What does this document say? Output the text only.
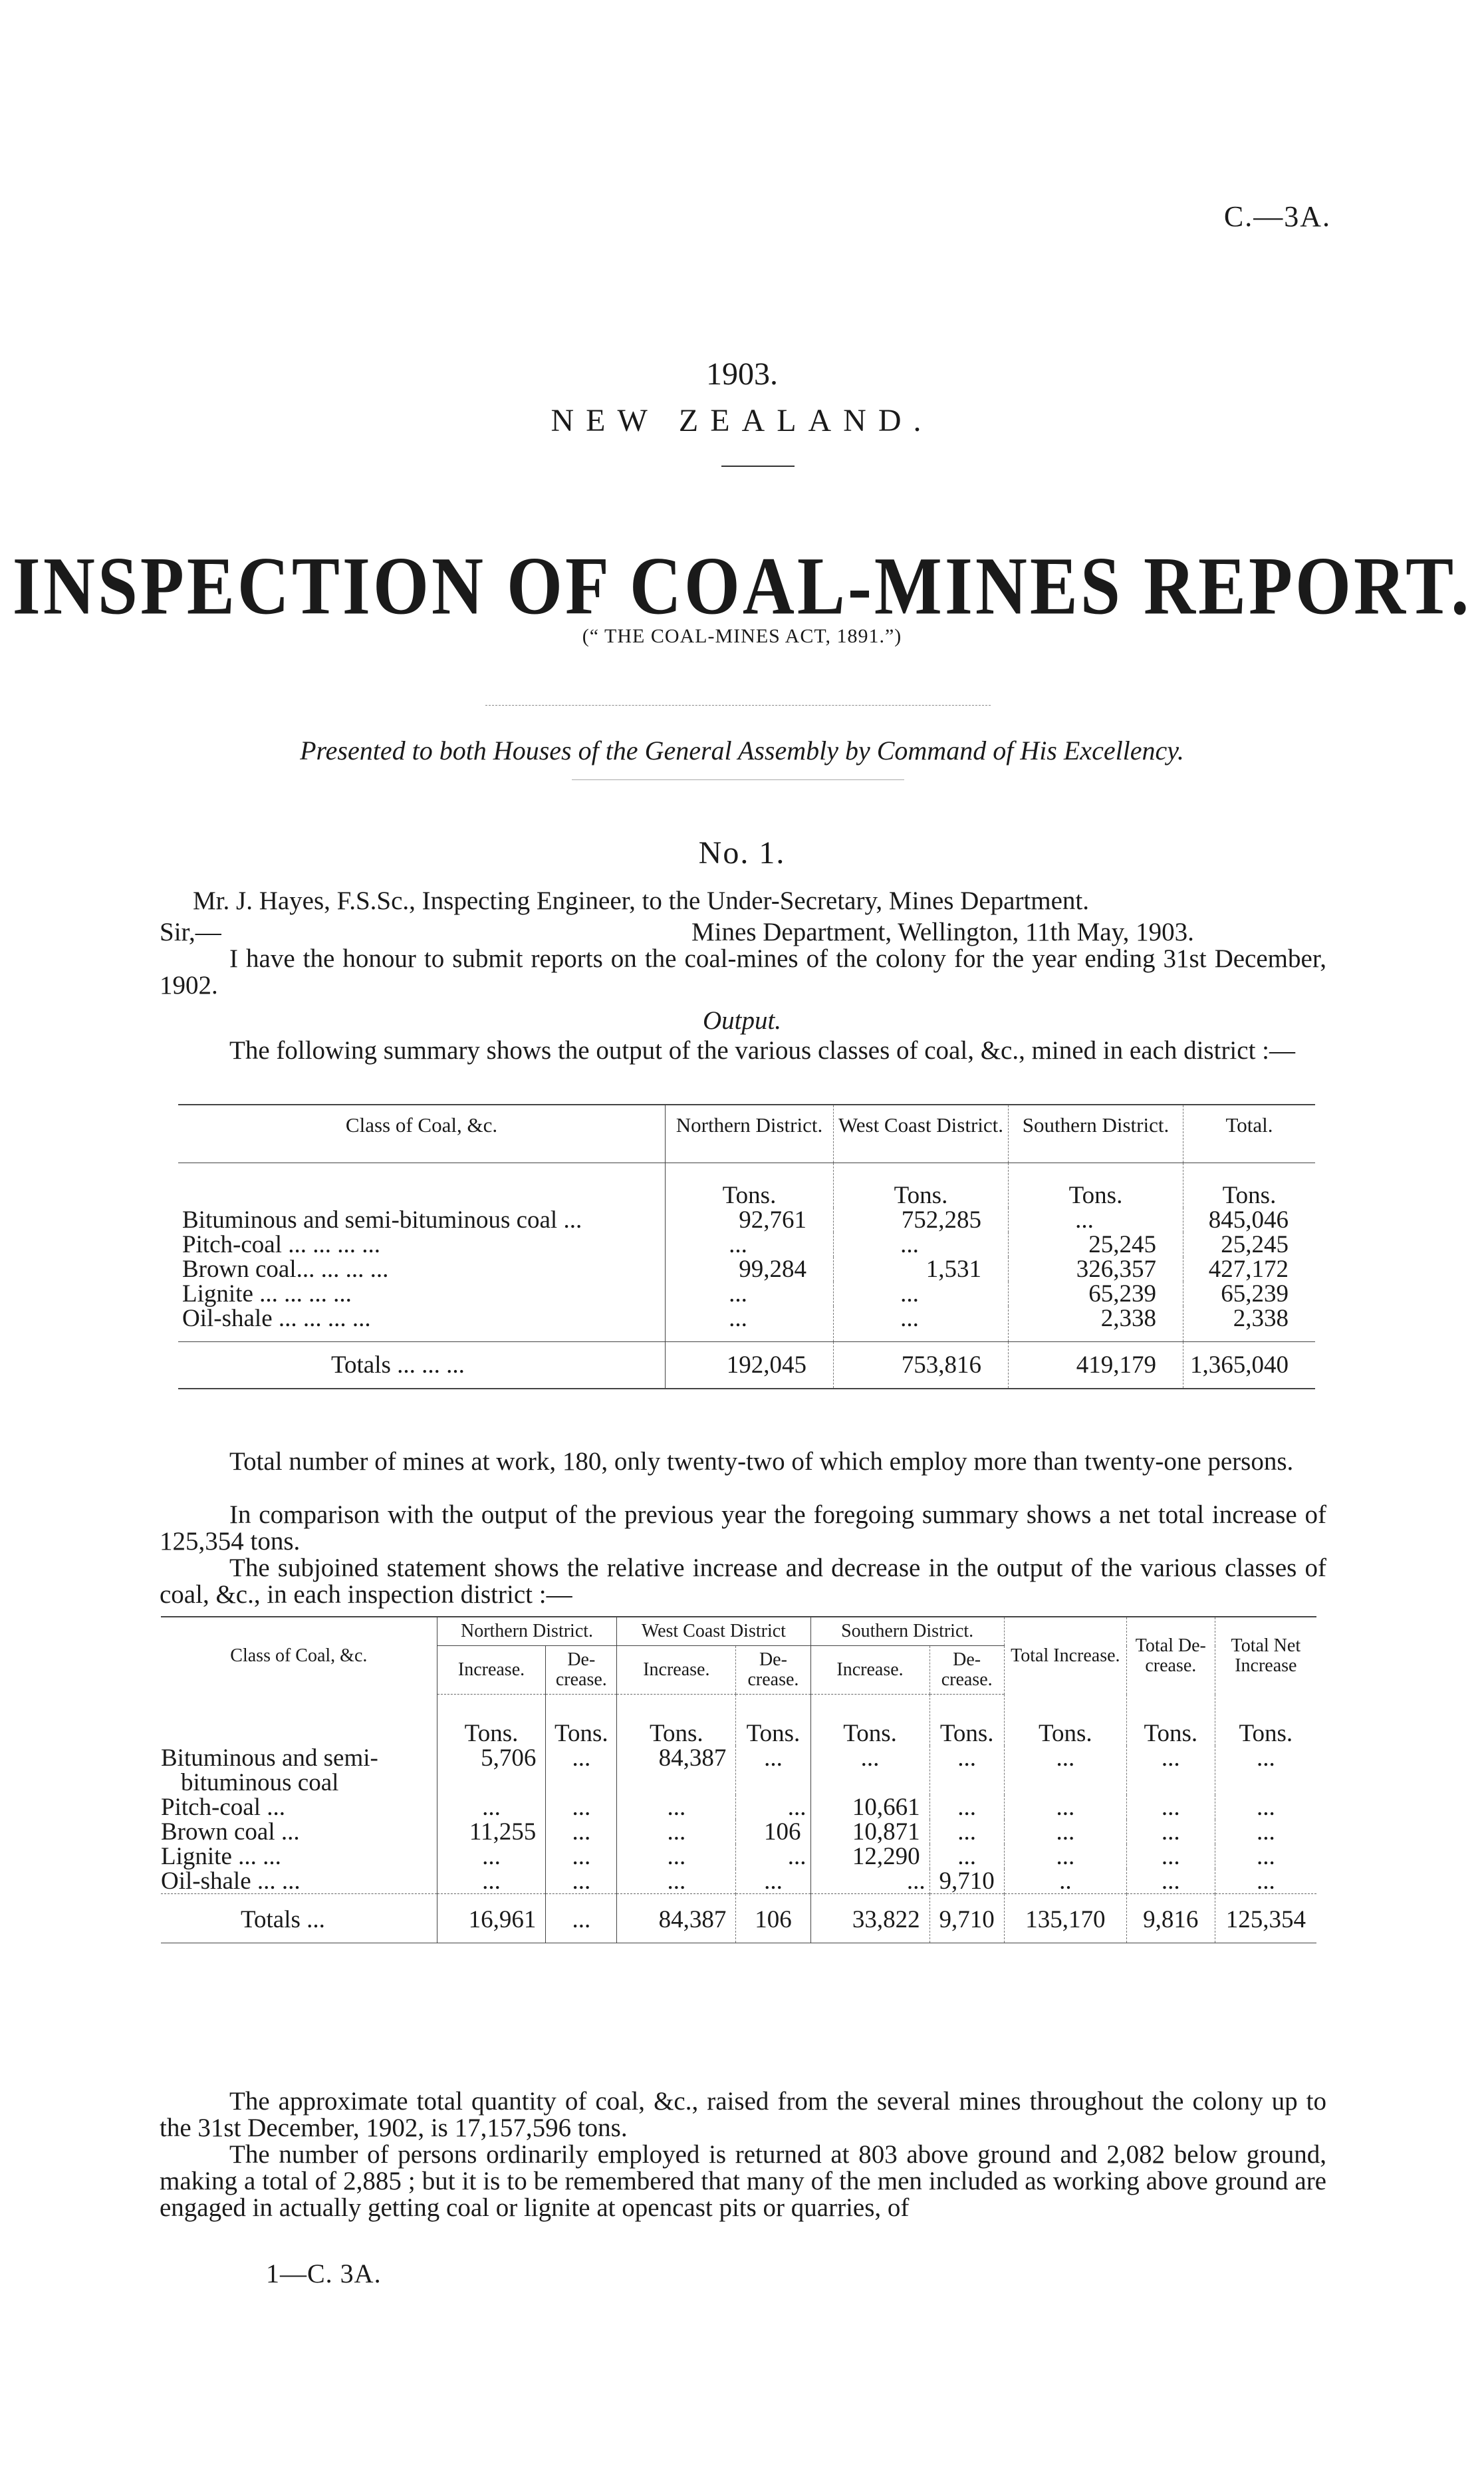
C.—3A.
1903.
NEW ZEALAND.
INSPECTION OF COAL-MINES REPORT.
(“ THE COAL-MINES ACT, 1891.”)
Presented to both Houses of the General Assembly by Command of His Excellency.
No. 1.
Mr. J. Hayes, F.S.Sc., Inspecting Engineer, to the Under-Secretary, Mines Department.
Sir,—	Mines Department, Wellington, 11th May, 1903.
I have the honour to submit reports on the coal-mines of the colony for the year ending 31st December, 1902.
Output.
The following summary shows the output of the various classes of coal, &c., mined in each district :—
Class of Coal, &c.	Northern District.	West Coast District.	Southern District.	Total.
	Tons.	Tons.	Tons.	Tons.
Bituminous and semi-bituminous coal ...	92,761	752,285	...	845,046
Pitch-coal ... ... ... ...	...	...	25,245	25,245
Brown coal... ... ... ...	99,284	1,531	326,357	427,172
Lignite ... ... ... ...	...	...	65,239	65,239
Oil-shale ... ... ... ...	...	...	2,338	2,338
Totals ... ... ...	192,045	753,816	419,179	1,365,040
Total number of mines at work, 180, only twenty-two of which employ more than twenty-one persons.
In comparison with the output of the previous year the foregoing summary shows a net total increase of 125,354 tons.
The subjoined statement shows the relative increase and decrease in the output of the various classes of coal, &c., in each inspection district :—
Class of Coal, &c.	Northern District.		West Coast District		Southern District.		Total Increase.	Total De-crease.	Total Net Increase
	Increase.	De-crease.	Increase.	De-crease.	Increase.	De-crease.			
	Tons.	Tons.	Tons.	Tons.	Tons.	Tons.	Tons.	Tons.	Tons.
Bituminous and semi-
bituminous coal	5,706	...	84,387	...	...	...	...	...	...
Pitch-coal ...	...	...	...	...	10,661	...	...	...	...
Brown coal ...	11,255	...	...	106	10,871	...	...	...	...
Lignite ... ...	...	...	...	...	12,290	...	...	...	...
Oil-shale ... ...	...	...	...	...	...	9,710	..	...	...
Totals ...	16,961	...	84,387	106	33,822	9,710	135,170	9,816	125,354
The approximate total quantity of coal, &c., raised from the several mines throughout the colony up to the 31st December, 1902, is 17,157,596 tons.
The number of persons ordinarily employed is returned at 803 above ground and 2,082 below ground, making a total of 2,885 ; but it is to be remembered that many of the men included as working above ground are engaged in actually getting coal or lignite at opencast pits or quarries, of
1—C. 3A.
